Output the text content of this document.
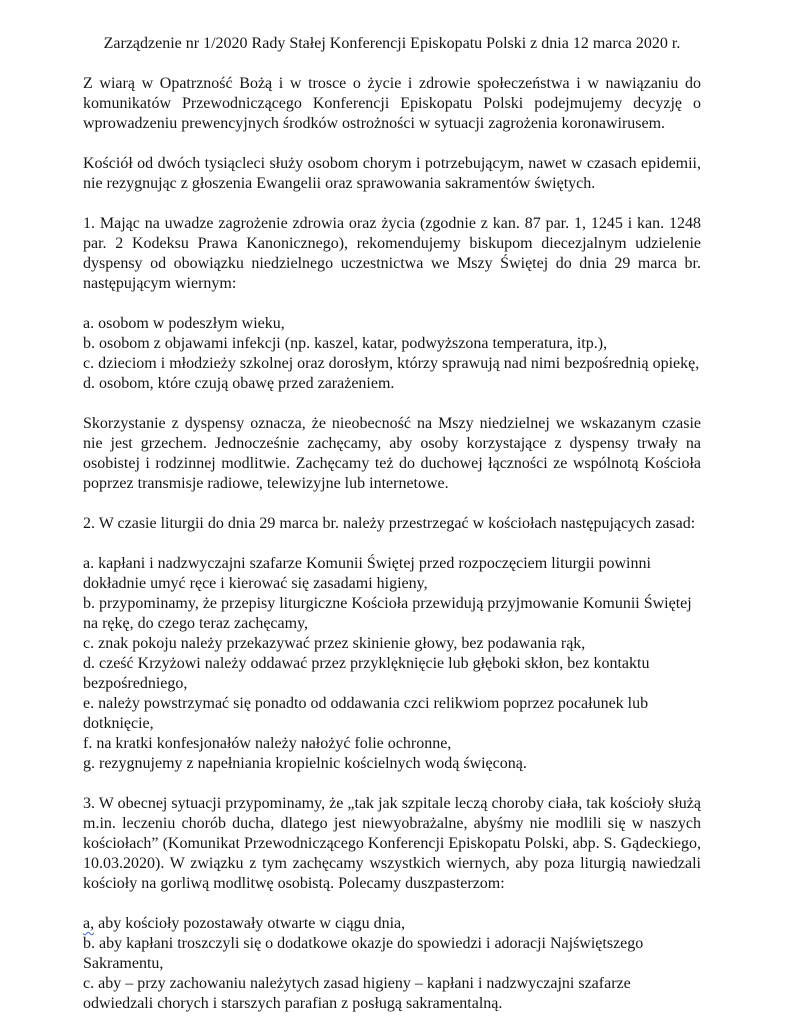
Zarządzenie nr 1/2020 Rady Stałej Konferencji Episkopatu Polski z dnia 12 marca 2020 r.

Z wiarą w Opatrzność Bożą i w trosce o życie i zdrowie społeczeństwa i w nawiązaniu do komunikatów Przewodniczącego Konferencji Episkopatu Polski podejmujemy decyzję o wprowadzeniu prewencyjnych środków ostrożności w sytuacji zagrożenia koronawirusem.

Kościół od dwóch tysiącleci służy osobom chorym i potrzebującym, nawet w czasach epidemii, nie rezygnując z głoszenia Ewangelii oraz sprawowania sakramentów świętych.

1. Mając na uwadze zagrożenie zdrowia oraz życia (zgodnie z kan. 87 par. 1, 1245 i kan. 1248 par. 2 Kodeksu Prawa Kanonicznego), rekomendujemy biskupom diecezjalnym udzielenie dyspensy od obowiązku niedzielnego uczestnictwa we Mszy Świętej do dnia 29 marca br. następującym wiernym:

a. osobom w podeszłym wieku,

b. osobom z objawami infekcji (np. kaszel, katar, podwyższona temperatura, itp.),

c. dzieciom i młodzieży szkolnej oraz dorosłym, którzy sprawują nad nimi bezpośrednią opiekę,

d. osobom, które czują obawę przed zarażeniem.

Skorzystanie z dyspensy oznacza, że nieobecność na Mszy niedzielnej we wskazanym czasie nie jest grzechem. Jednocześnie zachęcamy, aby osoby korzystające z dyspensy trwały na osobistej i rodzinnej modlitwie. Zachęcamy też do duchowej łączności ze wspólnotą Kościoła poprzez transmisje radiowe, telewizyjne lub internetowe.

2. W czasie liturgii do dnia 29 marca br. należy przestrzegać w kościołach następujących zasad:

a. kapłani i nadzwyczajni szafarze Komunii Świętej przed rozpoczęciem liturgii powinni dokładnie umyć ręce i kierować się zasadami higieny,

b. przypominamy, że przepisy liturgiczne Kościoła przewidują przyjmowanie Komunii Świętej na rękę, do czego teraz zachęcamy,

c. znak pokoju należy przekazywać przez skinienie głowy, bez podawania rąk,

d. cześć Krzyżowi należy oddawać przez przyklęknięcie lub głęboki skłon, bez kontaktu bezpośredniego,

e. należy powstrzymać się ponadto od oddawania czci relikwiom poprzez pocałunek lub dotknięcie,

f. na kratki konfesjonałów należy nałożyć folie ochronne,

g. rezygnujemy z napełniania kropielnic kościelnych wodą święconą.

3. W obecnej sytuacji przypominamy, że „tak jak szpitale leczą choroby ciała, tak kościoły służą m.in. leczeniu chorób ducha, dlatego jest niewyobrażalne, abyśmy nie modlili się w naszych kościołach” (Komunikat Przewodniczącego Konferencji Episkopatu Polski, abp. S. Gądeckiego, 10.03.2020). W związku z tym zachęcamy wszystkich wiernych, aby poza liturgią nawiedzali kościoły na gorliwą modlitwę osobistą. Polecamy duszpasterzom:

a, aby kościoły pozostawały otwarte w ciągu dnia,

b. aby kapłani troszczyli się o dodatkowe okazje do spowiedzi i adoracji Najświętszego Sakramentu,

c. aby – przy zachowaniu należytych zasad higieny – kapłani i nadzwyczajni szafarze odwiedzali chorych i starszych parafian z posługą sakramentalną.
